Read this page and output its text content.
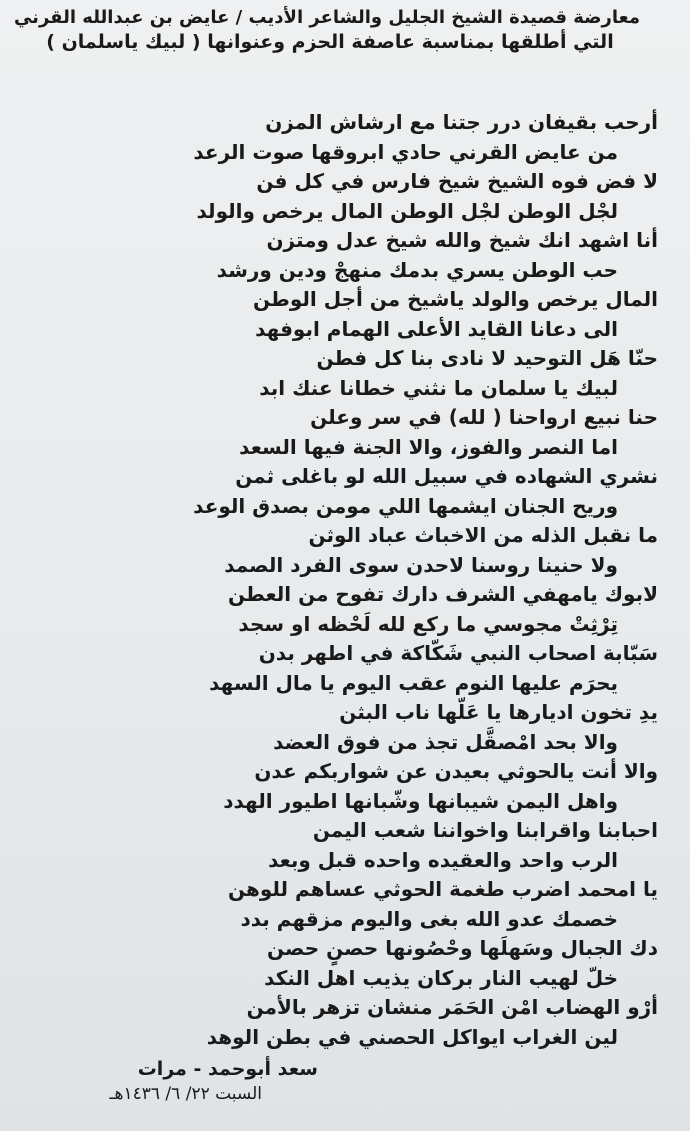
معارضة قصيدة الشيخ الجليل والشاعر الأديب / عايض بن عبدالله القرني
التي أطلقها بمناسبة عاصفة الحزم وعنوانها ( لبيك ياسلمان )
أرحب بقيفان درر جتنا مع ارشاش المزن
من عايض القرني حادي ابروقها صوت الرعد
لا فض فوه الشيخ شيخ فارس في كل فن
لجْل الوطن لجْل الوطن المال يرخص والولد
أنا اشهد انك شيخ والله شيخ عدل ومتزن
حب الوطن يسري بدمك منهجْ ودين ورشد
المال يرخص والولد ياشيخ من أجل الوطن
الى دعانا القايد الأعلى الهمام ابوفهد
حنّا هَل التوحيد لا نادى بنا كل فطن
لبيك يا سلمان ما نثني خطانا عنك ابد
حنا نبيع ارواحنا ( لله) في سر وعلن
اما النصر والفوز، والا الجنة فيها السعد
نشري الشهاده في سبيل الله لو باغلى ثمن
وريح الجنان ايشمها اللي مومن بصدق الوعد
ما نقبل الذله من الاخباث عباد الوثن
ولا حنينا روسنا لاحدن سوى الفرد الصمد
لابوك يامهفي الشرف دارك تفوح من العطن
تِرْثِتْ مجوسي ما ركع لله لَحْظه او سجد
سَبّابة اصحاب النبي شَكّاكة في اطهر بدن
يحرَم عليها النوم عقب اليوم يا مال السهد
يدِ تخون اديارها يا عَلّها ناب البثن
والا بحد امْصقَّل تجذ من فوق العضد
والا أنت يالحوثي بعيدن عن شواربكم عدن
واهل اليمن شيبانها وشّبانها اطيور الهدد
احبابنا واقرابنا واخواننا شعب اليمن
الرب واحد والعقيده واحده قبل وبعد
يا امحمد اضرب طغمة الحوثي عساهم للوهن
خصمك عدو الله بغى واليوم مزقهم بدد
دك الجبال وسَهلَها وحْصُونها حصنٍ حصن
خلّ لهيب النار بركان يذيب اهل النكد
أرْو الهضاب امْن الحَمَر منشان تزهر بالأمن
لين الغراب ايواكل الحصني في بطن الوهد
سعد أبوحمد - مرات
السبت ٢٢/ ٦/ ١٤٣٦هـ
